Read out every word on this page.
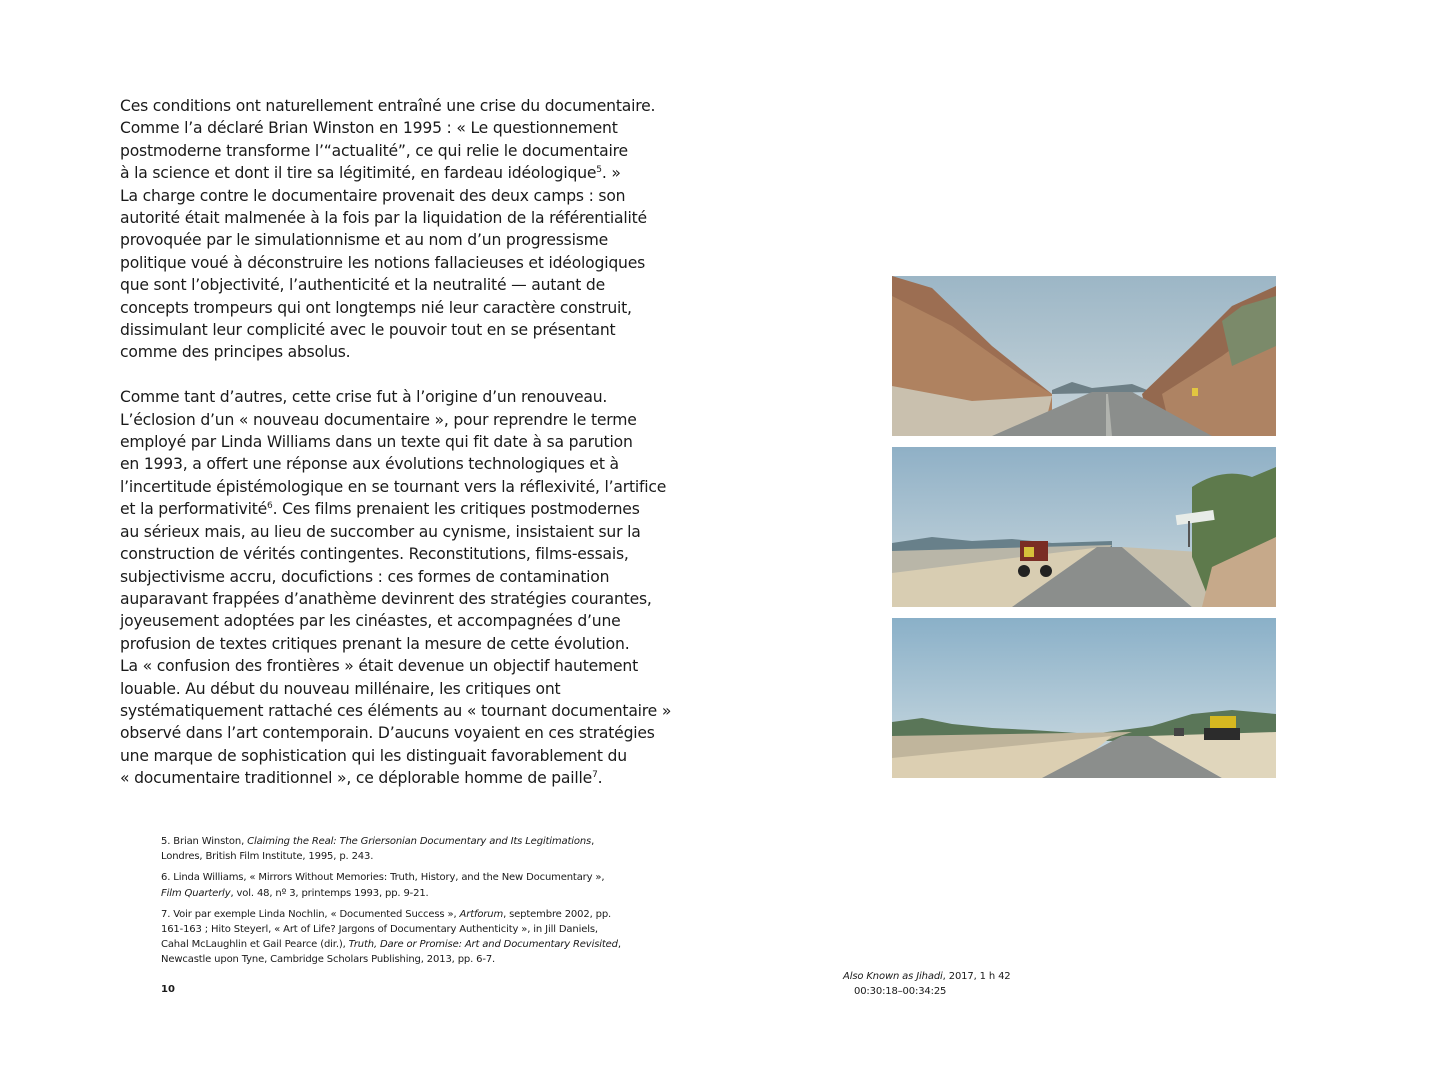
Ces conditions ont naturellement entraîné une crise du documentaire.
Comme l’a déclaré Brian Winston en 1995 : « Le questionnement
postmoderne transforme l’“actualité”, ce qui relie le documentaire
à la science et dont il tire sa légitimité, en fardeau idéologique$^5$. »
La charge contre le documentaire provenait des deux camps : son
autorité était malmenée à la fois par la liquidation de la référentialité
provoquée par le simulationnisme et au nom d’un progressisme
politique voué à déconstruire les notions fallacieuses et idéologiques
que sont l’objectivité, l’authenticité et la neutralité — autant de
concepts trompeurs qui ont longtemps nié leur caractère construit,
dissimulant leur complicité avec le pouvoir tout en se présentant
comme des principes absolus.

Comme tant d’autres, cette crise fut à l’origine d’un renouveau.
L’éclosion d’un « nouveau documentaire », pour reprendre le terme
employé par Linda Williams dans un texte qui fit date à sa parution
en 1993, a offert une réponse aux évolutions technologiques et à
l’incertitude épistémologique en se tournant vers la réflexivité, l’artifice
et la performativité$^6$. Ces films prenaient les critiques postmodernes
au sérieux mais, au lieu de succomber au cynisme, insistaient sur la
construction de vérités contingentes. Reconstitutions, films-essais,
subjectivisme accru, docufictions : ces formes de contamination
auparavant frappées d’anathème devinrent des stratégies courantes,
joyeusement adoptées par les cinéastes, et accompagnées d’une
profusion de textes critiques prenant la mesure de cette évolution.
La « confusion des frontières » était devenue un objectif hautement
louable. Au début du nouveau millénaire, les critiques ont
systématiquement rattaché ces éléments au « tournant documentaire »
observé dans l’art contemporain. D’aucuns voyaient en ces stratégies
une marque de sophistication qui les distinguait favorablement du
« documentaire traditionnel », ce déplorable homme de paille$^7$.

5. Brian Winston, Claiming the Real: The Griersonian Documentary and Its Legitimations,
Londres, British Film Institute, 1995, p. 243.
6. Linda Williams, « Mirrors Without Memories: Truth, History, and the New Documentary »,
Film Quarterly, vol. 48, nº 3, printemps 1993, pp. 9-21.
7. Voir par exemple Linda Nochlin, « Documented Success », Artforum, septembre 2002, pp.
161-163 ; Hito Steyerl, « Art of Life? Jargons of Documentary Authenticity », in Jill Daniels,
Cahal McLaughlin et Gail Pearce (dir.), Truth, Dare or Promise: Art and Documentary Revisited,
Newcastle upon Tyne, Cambridge Scholars Publishing, 2013, pp. 6-7.
10
Also Known as Jihadi, 2017, 1 h 42
00:30:18–00:34:25
